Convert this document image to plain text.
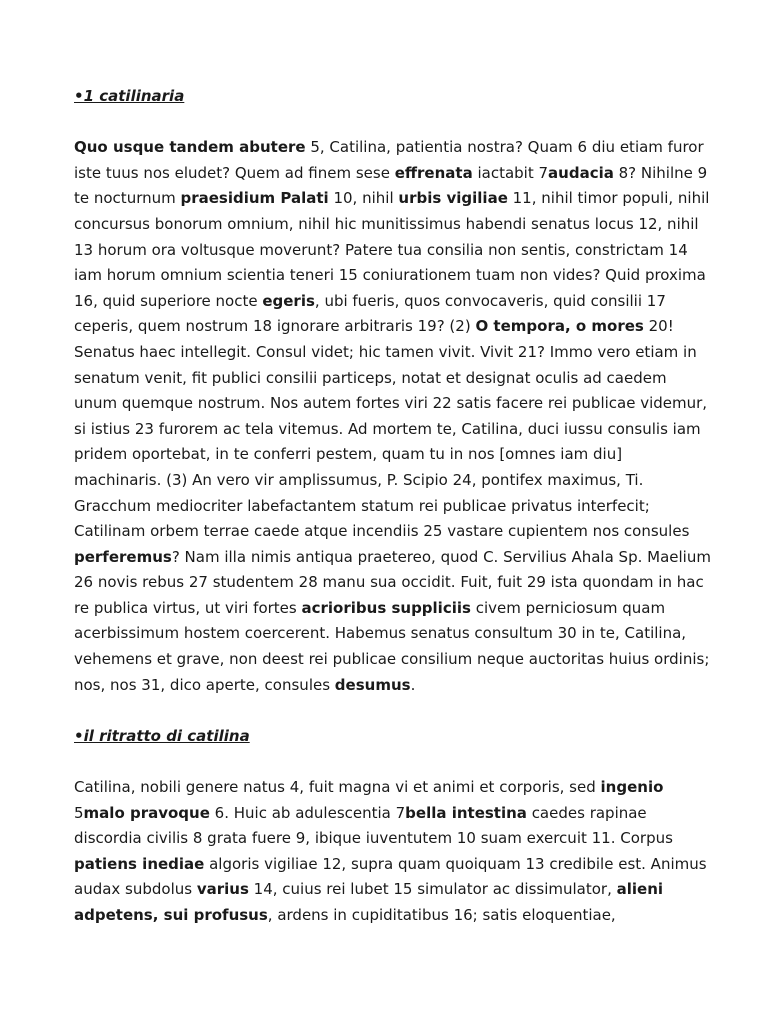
•1 catilinaria

Quo usque tandem abutere 5, Catilina, patientia nostra? Quam 6 diu etiam furor iste tuus nos eludet? Quem ad finem sese effrenata iactabit 7audacia 8? Nihilne 9 te nocturnum praesidium Palati 10, nihil urbis vigiliae 11, nihil timor populi, nihil concursus bonorum omnium, nihil hic munitissimus habendi senatus locus 12, nihil 13 horum ora voltusque moverunt? Patere tua consilia non sentis, constrictam 14 iam horum omnium scientia teneri 15 coniurationem tuam non vides? Quid proxima 16, quid superiore nocte egeris, ubi fueris, quos convocaveris, quid consilii 17 ceperis, quem nostrum 18 ignorare arbitraris 19? (2) O tempora, o mores 20! Senatus haec intellegit. Consul videt; hic tamen vivit. Vivit 21? Immo vero etiam in senatum venit, fit publici consilii particeps, notat et designat oculis ad caedem unum quemque nostrum. Nos autem fortes viri 22 satis facere rei publicae videmur, si istius 23 furorem ac tela vitemus. Ad mortem te, Catilina, duci iussu consulis iam pridem oportebat, in te conferri pestem, quam tu in nos [omnes iam diu] machinaris. (3) An vero vir amplissumus, P. Scipio 24, pontifex maximus, Ti. Gracchum mediocriter labefactantem statum rei publicae privatus interfecit; Catilinam orbem terrae caede atque incendiis 25 vastare cupientem nos consules perferemus? Nam illa nimis antiqua praetereo, quod C. Servilius Ahala Sp. Maelium 26 novis rebus 27 studentem 28 manu sua occidit. Fuit, fuit 29 ista quondam in hac re publica virtus, ut viri fortes acrioribus suppliciis civem perniciosum quam acerbissimum hostem coercerent. Habemus senatus consultum 30 in te, Catilina, vehemens et grave, non deest rei publicae consilium neque auctoritas huius ordinis; nos, nos 31, dico aperte, consules desumus.

•il ritratto di catilina

Catilina, nobili genere natus 4, fuit magna vi et animi et corporis, sed ingenio 5malo pravoque 6. Huic ab adulescentia 7bella intestina caedes rapinae discordia civilis 8 grata fuere 9, ibique iuventutem 10 suam exercuit 11. Corpus patiens inediae algoris vigiliae 12, supra quam quoiquam 13 credibile est. Animus audax subdolus varius 14, cuius rei lubet 15 simulator ac dissimulator, alieni adpetens, sui profusus, ardens in cupiditatibus 16; satis eloquentiae,
